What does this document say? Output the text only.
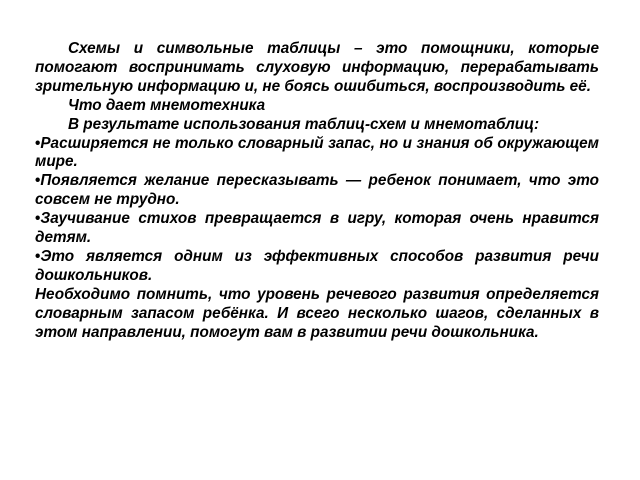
Схемы и символьные таблицы – это помощники, которые помогают воспринимать слуховую информацию, перерабатывать зрительную информацию и, не боясь ошибиться, воспроизводить её.

Что дает мнемотехника

В результате использования таблиц-схем и мнемотаблиц:

•Расширяется не только словарный запас, но и знания об окружающем мире.
•Появляется желание пересказывать — ребенок понимает, что это совсем не трудно.
•Заучивание стихов превращается в игру, которая очень нравится детям.
•Это является одним из эффективных способов развития речи дошкольников.

Необходимо помнить, что уровень речевого развития определяется словарным запасом ребёнка. И всего несколько шагов, сделанных в этом направлении, помогут вам в развитии речи дошкольника.
